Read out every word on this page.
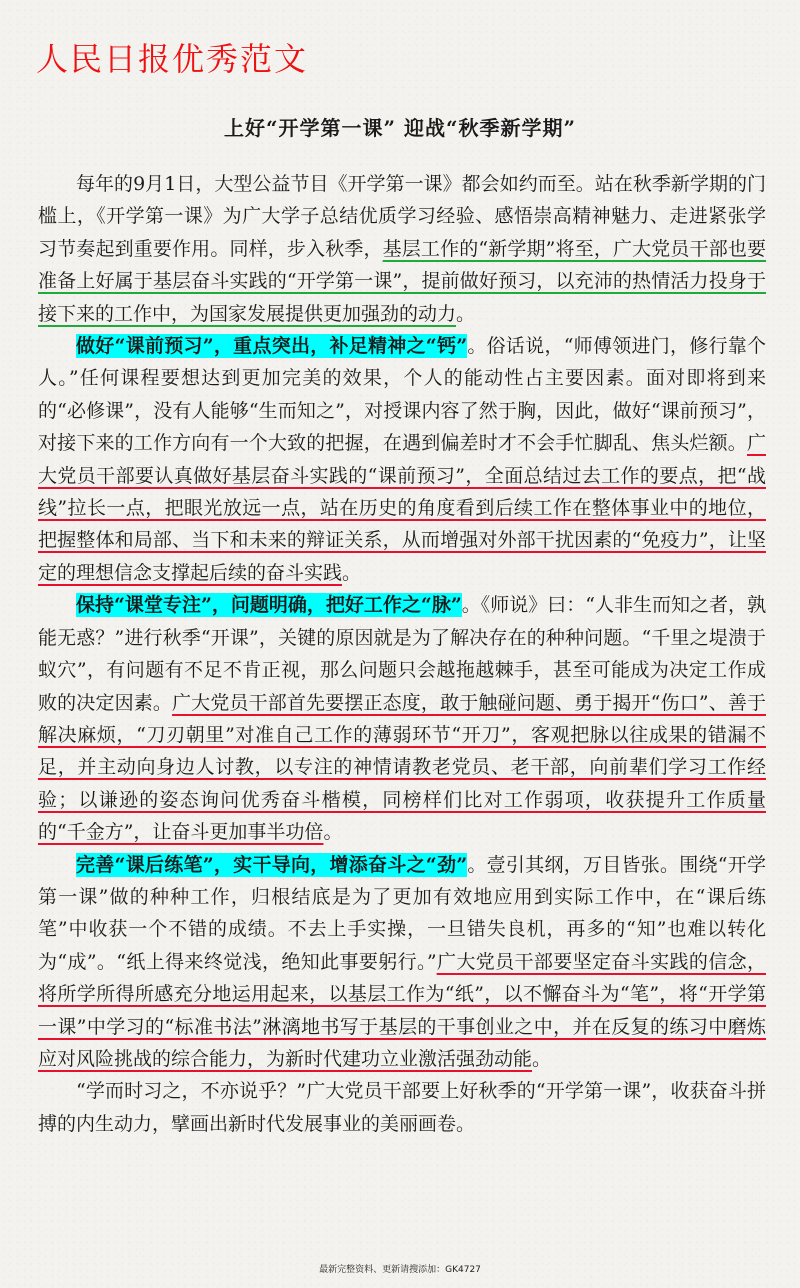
人民日报优秀范文
上好“开学第一课” 迎战“秋季新学期”

每年的9月1日，大型公益节目《开学第一课》都会如约而至。站在秋季新学期的门槛上，《开学第一课》为广大学子总结优质学习经验、感悟崇高精神魅力、走进紧张学习节奏起到重要作用。同样，步入秋季，基层工作的“新学期”将至，广大党员干部也要准备上好属于基层奋斗实践的“开学第一课”，提前做好预习，以充沛的热情活力投身于接下来的工作中，为国家发展提供更加强劲的动力。

做好“课前预习”，重点突出，补足精神之“钙”。俗话说，“师傅领进门，修行靠个人。”任何课程要想达到更加完美的效果，个人的能动性占主要因素。面对即将到来的“必修课”，没有人能够“生而知之”，对授课内容了然于胸，因此，做好“课前预习”，对接下来的工作方向有一个大致的把握，在遇到偏差时才不会手忙脚乱、焦头烂额。广大党员干部要认真做好基层奋斗实践的“课前预习”，全面总结过去工作的要点，把“战线”拉长一点，把眼光放远一点，站在历史的角度看到后续工作在整体事业中的地位，把握整体和局部、当下和未来的辩证关系，从而增强对外部干扰因素的“免疫力”，让坚定的理想信念支撑起后续的奋斗实践。

保持“课堂专注”，问题明确，把好工作之“脉”。《师说》曰：“人非生而知之者，孰能无惑？”进行秋季“开课”，关键的原因就是为了解决存在的种种问题。“千里之堤溃于蚁穴”，有问题有不足不肯正视，那么问题只会越拖越棘手，甚至可能成为决定工作成败的决定因素。广大党员干部首先要摆正态度，敢于触碰问题、勇于揭开“伤口”、善于解决麻烦，“刀刃朝里”对准自己工作的薄弱环节“开刀”，客观把脉以往成果的错漏不足，并主动向身边人讨教，以专注的神情请教老党员、老干部，向前辈们学习工作经验；以谦逊的姿态询问优秀奋斗楷模，同榜样们比对工作弱项，收获提升工作质量的“千金方”，让奋斗更加事半功倍。

完善“课后练笔”，实干导向，增添奋斗之“劲”。壹引其纲，万目皆张。围绕“开学第一课”做的种种工作，归根结底是为了更加有效地应用到实际工作中，在“课后练笔”中收获一个不错的成绩。不去上手实操，一旦错失良机，再多的“知”也难以转化为“成”。“纸上得来终觉浅，绝知此事要躬行。”广大党员干部要坚定奋斗实践的信念，将所学所得所感充分地运用起来，以基层工作为“纸”，以不懈奋斗为“笔”，将“开学第一课”中学习的“标准书法”淋漓地书写于基层的干事创业之中，并在反复的练习中磨炼应对风险挑战的综合能力，为新时代建功立业激活强劲动能。

“学而时习之，不亦说乎？”广大党员干部要上好秋季的“开学第一课”，收获奋斗拼搏的内生动力，擘画出新时代发展事业的美丽画卷。

最新完整资料、更新请搜添加：GK4727
